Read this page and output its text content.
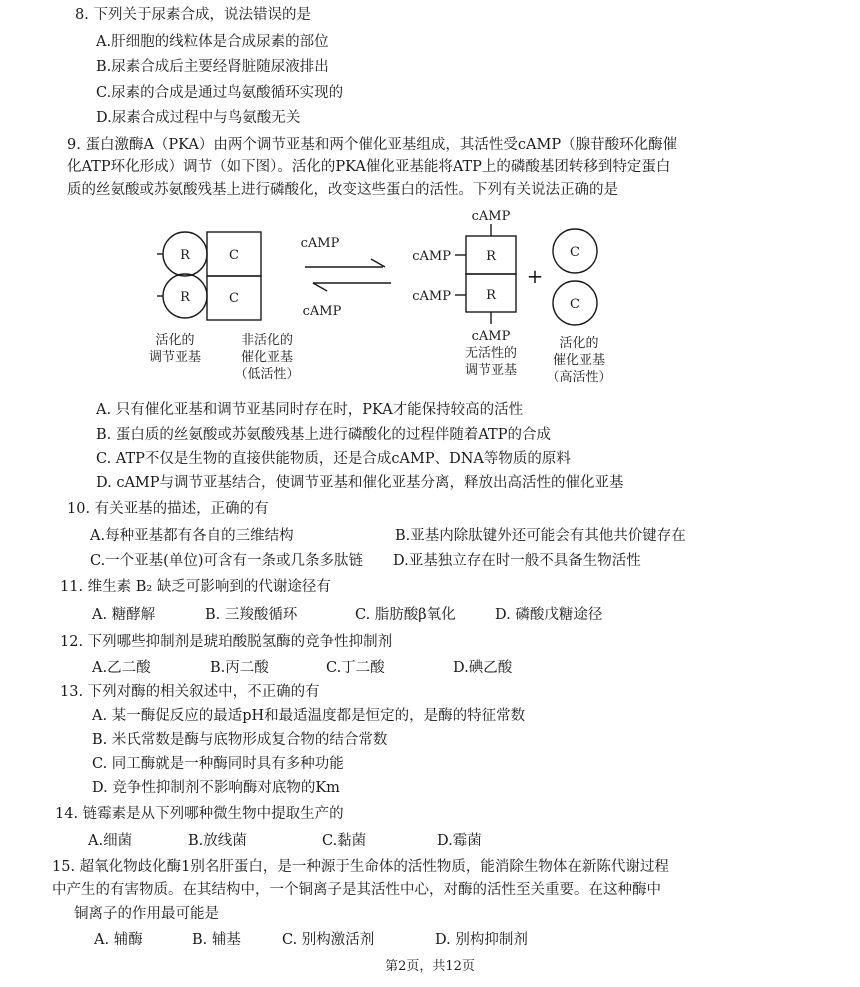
8. 下列关于尿素合成，说法错误的是
A.肝细胞的线粒体是合成尿素的部位
B.尿素合成后主要经肾脏随尿液排出
C.尿素的合成是通过鸟氨酸循环实现的
D.尿素合成过程中与鸟氨酸无关
9. 蛋白激酶A（PKA）由两个调节亚基和两个催化亚基组成，其活性受cAMP（腺苷酸环化酶催
化ATP环化形成）调节（如下图）。活化的PKA催化亚基能将ATP上的磷酸基团转移到特定蛋白
质的丝氨酸或苏氨酸残基上进行磷酸化，改变这些蛋白的活性。下列有关说法正确的是
R
R
C
C
cAMP
cAMP
cAMP
cAMP
cAMP
R
R
+
C
C
活化的
调节亚基
非活化的
催化亚基
（低活性）
cAMP
无活性的
调节亚基
活化的
催化亚基
（高活性）
A. 只有催化亚基和调节亚基同时存在时，PKA才能保持较高的活性
B. 蛋白质的丝氨酸或苏氨酸残基上进行磷酸化的过程伴随着ATP的合成
C. ATP不仅是生物的直接供能物质，还是合成cAMP、DNA等物质的原料
D. cAMP与调节亚基结合，使调节亚基和催化亚基分离，释放出高活性的催化亚基
10. 有关亚基的描述，正确的有
A.每种亚基都有各自的三维结构	B.亚基内除肽键外还可能会有其他共价键存在
C.一个亚基(单位)可含有一条或几条多肽链 D.亚基独立存在时一般不具备生物活性
11. 维生素 B₂ 缺乏可影响到的代谢途径有
A. 糖酵解	B. 三羧酸循环	C. 脂肪酸β氧化	D. 磷酸戊糖途径
12. 下列哪些抑制剂是琥珀酸脱氢酶的竞争性抑制剂
A.乙二酸	B.丙二酸	C.丁二酸	D.碘乙酸
13. 下列对酶的相关叙述中，不正确的有
A. 某一酶促反应的最适pH和最适温度都是恒定的，是酶的特征常数
B. 米氏常数是酶与底物形成复合物的结合常数
C. 同工酶就是一种酶同时具有多种功能
D. 竞争性抑制剂不影响酶对底物的Km
14. 链霉素是从下列哪种微生物中提取生产的
A.细菌	B.放线菌	C.黏菌	D.霉菌
15. 超氧化物歧化酶1别名肝蛋白，是一种源于生命体的活性物质，能消除生物体在新陈代谢过程
中产生的有害物质。在其结构中，一个铜离子是其活性中心，对酶的活性至关重要。在这种酶中
铜离子的作用最可能是
A. 辅酶	B. 辅基	C. 别构激活剂	D. 别构抑制剂
第2页，共12页
